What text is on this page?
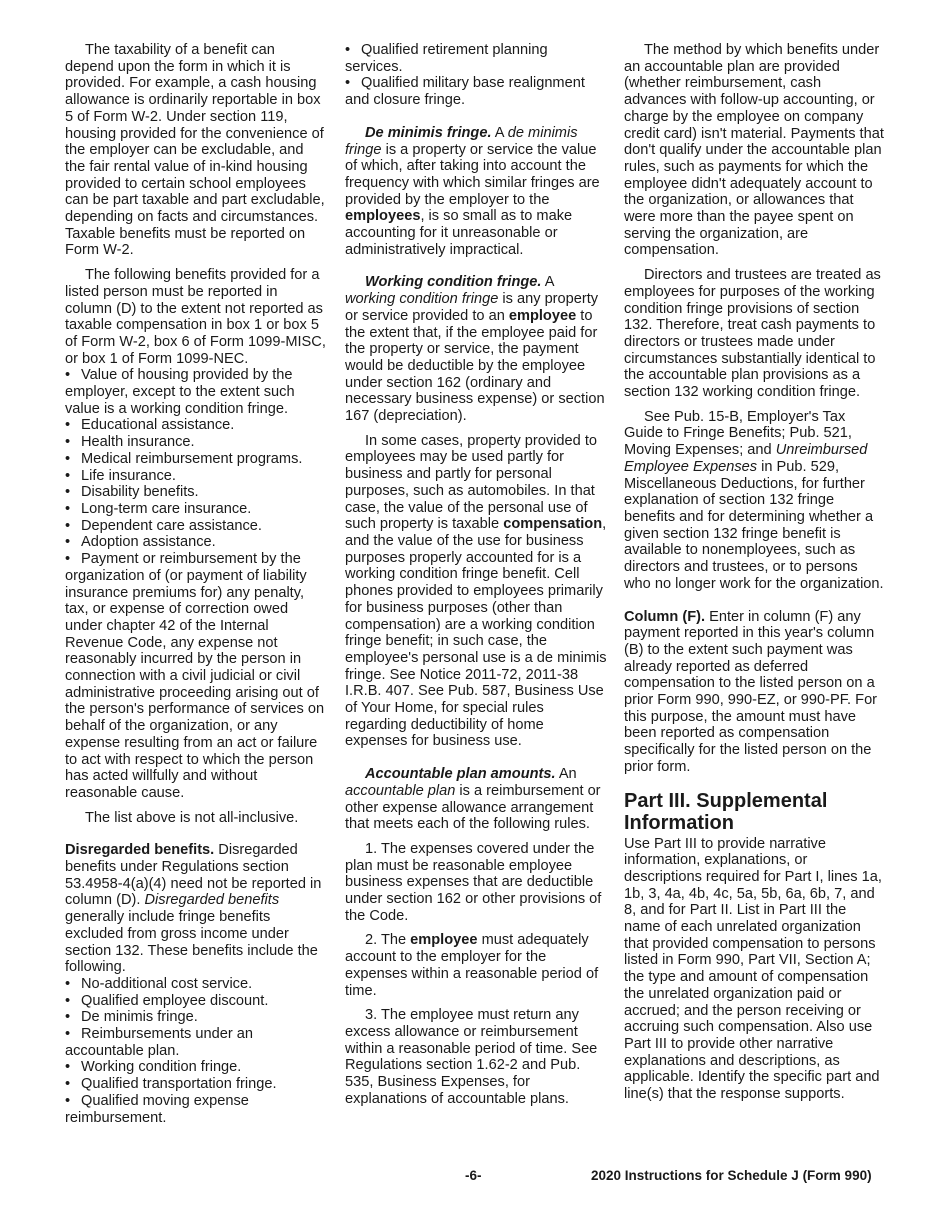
The taxability of a benefit can depend upon the form in which it is provided. For example, a cash housing allowance is ordinarily reportable in box 5 of Form W-2. Under section 119, housing provided for the convenience of the employer can be excludable, and the fair rental value of in-kind housing provided to certain school employees can be part taxable and part excludable, depending on facts and circumstances. Taxable benefits must be reported on Form W-2.

The following benefits provided for a listed person must be reported in column (D) to the extent not reported as taxable compensation in box 1 or box 5 of Form W-2, box 6 of Form 1099-MISC, or box 1 of Form 1099-NEC.

• Value of housing provided by the employer, except to the extent such value is a working condition fringe.
• Educational assistance.
• Health insurance.
• Medical reimbursement programs.
• Life insurance.
• Disability benefits.
• Long-term care insurance.
• Dependent care assistance.
• Adoption assistance.
• Payment or reimbursement by the organization of (or payment of liability insurance premiums for) any penalty, tax, or expense of correction owed under chapter 42 of the Internal Revenue Code, any expense not reasonably incurred by the person in connection with a civil judicial or civil administrative proceeding arising out of the person's performance of services on behalf of the organization, or any expense resulting from an act or failure to act with respect to which the person has acted willfully and without reasonable cause.

The list above is not all-inclusive.

Disregarded benefits. Disregarded benefits under Regulations section 53.4958-4(a)(4) need not be reported in column (D). Disregarded benefits generally include fringe benefits excluded from gross income under section 132. These benefits include the following.

• No-additional cost service.
• Qualified employee discount.
• De minimis fringe.
• Reimbursements under an accountable plan.
• Working condition fringe.
• Qualified transportation fringe.
• Qualified moving expense reimbursement.
• Qualified retirement planning services.
• Qualified military base realignment and closure fringe.

De minimis fringe. A de minimis fringe is a property or service the value of which, after taking into account the frequency with which similar fringes are provided by the employer to the employees, is so small as to make accounting for it unreasonable or administratively impractical.

Working condition fringe. A working condition fringe is any property or service provided to an employee to the extent that, if the employee paid for the property or service, the payment would be deductible by the employee under section 162 (ordinary and necessary business expense) or section 167 (depreciation).

In some cases, property provided to employees may be used partly for business and partly for personal purposes, such as automobiles. In that case, the value of the personal use of such property is taxable compensation, and the value of the use for business purposes properly accounted for is a working condition fringe benefit. Cell phones provided to employees primarily for business purposes (other than compensation) are a working condition fringe benefit; in such case, the employee's personal use is a de minimis fringe. See Notice 2011-72, 2011-38 I.R.B. 407. See Pub. 587, Business Use of Your Home, for special rules regarding deductibility of home expenses for business use.

Accountable plan amounts. An accountable plan is a reimbursement or other expense allowance arrangement that meets each of the following rules.

1. The expenses covered under the plan must be reasonable employee business expenses that are deductible under section 162 or other provisions of the Code.

2. The employee must adequately account to the employer for the expenses within a reasonable period of time.

3. The employee must return any excess allowance or reimbursement within a reasonable period of time. See Regulations section 1.62-2 and Pub. 535, Business Expenses, for explanations of accountable plans.

The method by which benefits under an accountable plan are provided (whether reimbursement, cash advances with follow-up accounting, or charge by the employee on company credit card) isn't material. Payments that don't qualify under the accountable plan rules, such as payments for which the employee didn't adequately account to the organization, or allowances that were more than the payee spent on serving the organization, are compensation.

Directors and trustees are treated as employees for purposes of the working condition fringe provisions of section 132. Therefore, treat cash payments to directors or trustees made under circumstances substantially identical to the accountable plan provisions as a section 132 working condition fringe.

See Pub. 15-B, Employer's Tax Guide to Fringe Benefits; Pub. 521, Moving Expenses; and Unreimbursed Employee Expenses in Pub. 529, Miscellaneous Deductions, for further explanation of section 132 fringe benefits and for determining whether a given section 132 fringe benefit is available to nonemployees, such as directors and trustees, or to persons who no longer work for the organization.

Column (F). Enter in column (F) any payment reported in this year's column (B) to the extent such payment was already reported as deferred compensation to the listed person on a prior Form 990, 990-EZ, or 990-PF. For this purpose, the amount must have been reported as compensation specifically for the listed person on the prior form.

Part III. Supplemental Information

Use Part III to provide narrative information, explanations, or descriptions required for Part I, lines 1a, 1b, 3, 4a, 4b, 4c, 5a, 5b, 6a, 6b, 7, and 8, and for Part II. List in Part III the name of each unrelated organization that provided compensation to persons listed in Form 990, Part VII, Section A; the type and amount of compensation the unrelated organization paid or accrued; and the person receiving or accruing such compensation. Also use Part III to provide other narrative explanations and descriptions, as applicable. Identify the specific part and line(s) that the response supports.

-6-	2020 Instructions for Schedule J (Form 990)
